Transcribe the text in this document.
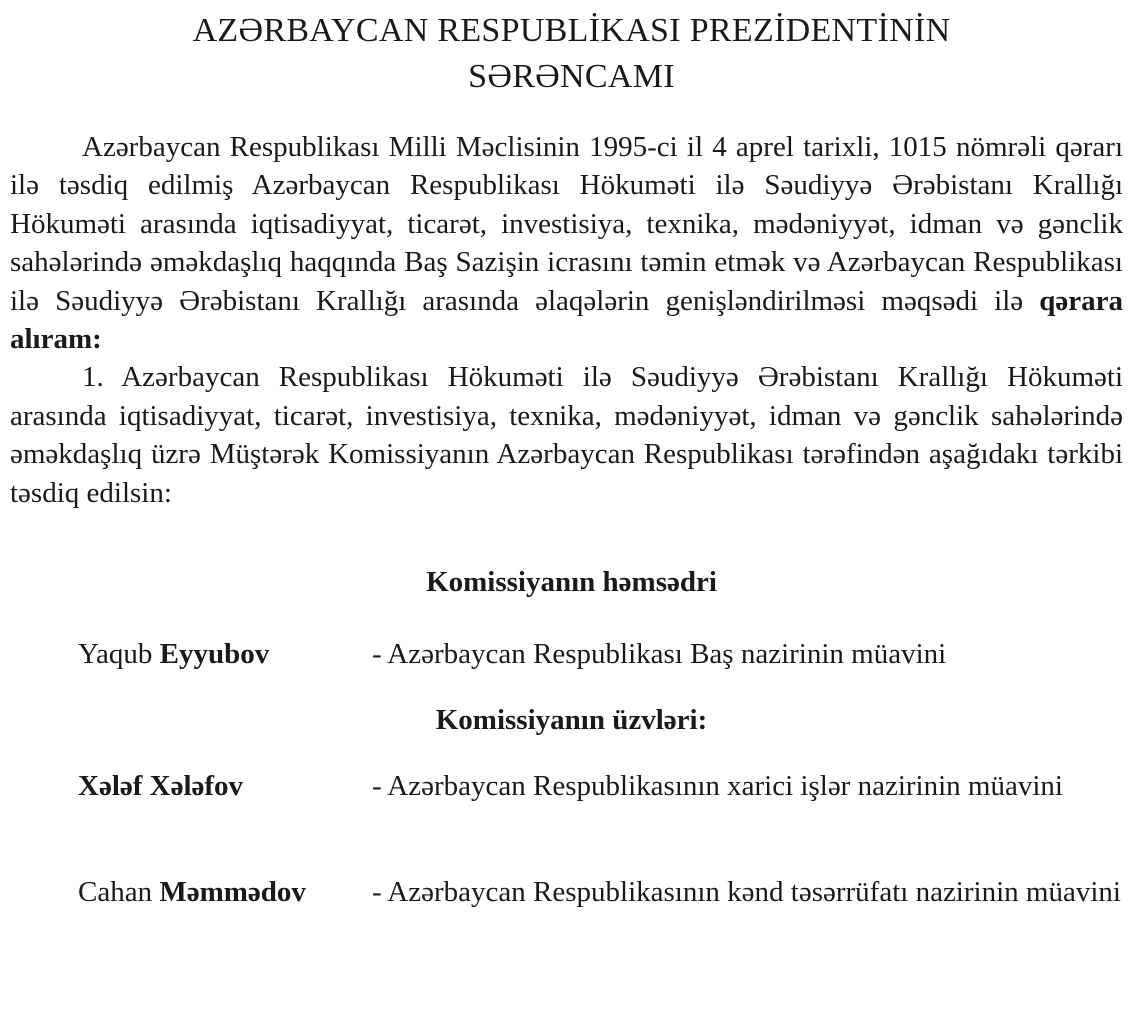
AZƏRBAYCAN RESPUBLİKASI PREZİDENTİNİN
SƏRƏNCAMI

Azərbaycan Respublikası Milli Məclisinin 1995-ci il 4 aprel tarixli, 1015 nömrəli qərarı ilə təsdiq edilmiş Azərbaycan Respublikası Hökuməti ilə Səudiyyə Ərəbistanı Krallığı Hökuməti arasında iqtisadiyyat, ticarət, investisiya, texnika, mədəniyyət, idman və gənclik sahələrində əməkdaşlıq haqqında Baş Sazişin icrasını təmin etmək və Azərbaycan Respublikası ilə Səudiyyə Ərəbistanı Krallığı arasında əlaqələrin genişləndirilməsi məqsədi ilə qərara alıram:

1. Azərbaycan Respublikası Hökuməti ilə Səudiyyə Ərəbistanı Krallığı Hökuməti arasında iqtisadiyyat, ticarət, investisiya, texnika, mədəniyyət, idman və gənclik sahələrində əməkdaşlıq üzrə Müştərək Komissiyanın Azərbaycan Respublikası tərəfindən aşağıdakı tərkibi təsdiq edilsin:

Komissiyanın həmsədri
Yaqub Eyyubov	- Azərbaycan Respublikası Baş nazirinin müavini
Komissiyanın üzvləri:
Xələf Xələfov	- Azərbaycan Respublikasının xarici işlər nazirinin müavini
Cahan Məmmədov - Azərbaycan Respublikasının kənd təsərrüfatı nazirinin müavini
